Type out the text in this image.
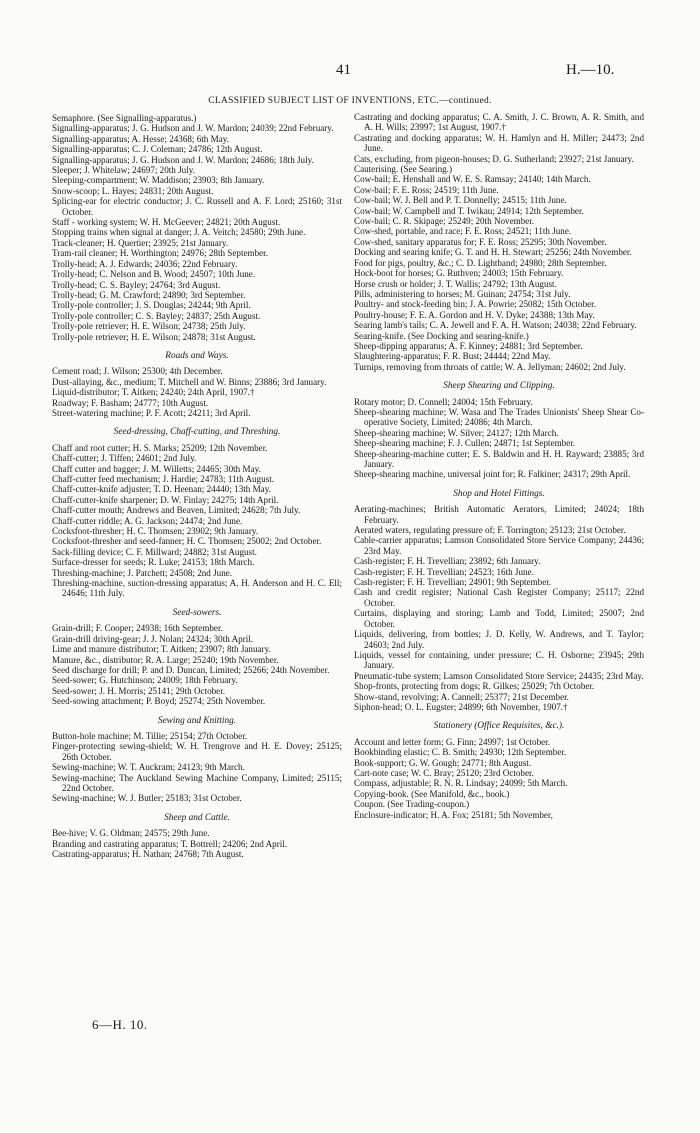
41	H.—10.
CLASSIFIED SUBJECT LIST OF INVENTIONS, ETC.—continued.
Semaphore. (See Signalling-apparatus.)
Signalling-apparatus; J. G. Hudson and J. W. Mardon; 24039; 22nd February.
Signalling-apparatus; A. Hesse; 24368; 6th May.
Signalling-apparatus; C. J. Coleman; 24786; 12th August.
Signalling-apparatus; J. G. Hudson and J. W. Mardon; 24686; 18th July.
Sleeper; J. Whitelaw; 24697; 20th July.
Sleeping-compartment; W. Maddison; 23903; 8th January.
Snow-scoop; L. Hayes; 24831; 20th August.
Splicing-ear for electric conductor; J. C. Russell and A. F. Lord; 25160; 31st October.
Staff - working system; W. H. McGeever; 24821; 20th August.
Stopping trains when signal at danger; J. A. Veitch; 24580; 29th June.
Track-cleaner; H. Quertier; 23925; 21st January.
Tram-rail cleaner; H. Worthington; 24976; 28th September.
Trolly-head; A. J. Edwards; 24036; 22nd February.
Trolly-head; C. Nelson and B. Wood; 24507; 10th June.
Trolly-head; C. S. Bayley; 24764; 3rd August.
Trolly-head; G. M. Crawford; 24890; 3rd September.
Trolly-pole controller; J. S. Douglas; 24244; 9th April.
Trolly-pole controller; C. S. Bayley; 24837; 25th August.
Trolly-pole retriever; H. E. Wilson; 24738; 25th July.
Trolly-pole retriever; H. E. Wilson; 24878; 31st August.
Roads and Ways.
Cement road; J. Wilson; 25300; 4th December.
Dust-allaying, &c., medium; T. Mitchell and W. Binns; 23886; 3rd January.
Liquid-distributor; T. Aitken; 24240; 24th April, 1907.†
Roadway; F. Basham; 24777; 10th August.
Street-watering machine; P. F. Acott; 24211; 3rd April.
Seed-dressing, Chaff-cutting, and Threshing.
Chaff and root cutter; H. S. Marks; 25209; 12th November.
Chaff-cutter; J. Tiffen; 24601; 2nd July.
Chaff cutter and bagger; J. M. Willetts; 24465; 30th May.
Chaff-cutter feed mechanism; J. Hardie; 24783; 11th August.
Chaff-cutter-knife adjuster; T. D. Heenan; 24440; 13th May.
Chaff-cutter-knife sharpener; D. W. Finlay; 24275; 14th April.
Chaff-cutter mouth; Andrews and Beaven, Limited; 24628; 7th July.
Chaff-cutter riddle; A. G. Jackson; 24474; 2nd June.
Cocksfoot-thresher; H. C. Thomsen; 23902; 9th January.
Cocksfoot-thresher and seed-fanner; H. C. Thomsen; 25002; 2nd October.
Sack-filling device; C. F. Millward; 24882; 31st August.
Surface-dresser for seeds; R. Luke; 24153; 18th March.
Threshing-machine; J. Patchett; 24508; 2nd June.
Threshing-machine, suction-dressing apparatus; A. H. Anderson and H. C. Ell; 24646; 11th July.
Seed-sowers.
Grain-drill; F. Cooper; 24938; 16th September.
Grain-drill driving-gear; J. J. Nolan; 24324; 30th April.
Lime and manure distributor; T. Aitken; 23907; 8th January.
Manure, &c., distributor; R. A. Large; 25240; 19th November.
Seed discharge for drill; P. and D. Duncan, Limited; 25266; 24th November.
Seed-sower; G. Hutchinson; 24009; 18th February.
Seed-sower; J. H. Morris; 25141; 29th October.
Seed-sowing attachment; P. Boyd; 25274; 25th November.
Sewing and Knitting.
Button-hole machine; M. Tillie; 25154; 27th October.
Finger-protecting sewing-shield; W. H. Trengrove and H. E. Dovey; 25125; 26th October.
Sewing-machine; W. T. Auckram; 24123; 9th March.
Sewing-machine; The Auckland Sewing Machine Company, Limited; 25115; 22nd October.
Sewing-machine; W. J. Butler; 25183; 31st October.
Sheep and Cattle.
Bee-hive; V. G. Oldman; 24575; 29th June.
Branding and castrating apparatus; T. Bottrell; 24206; 2nd April.
Castrating-apparatus; H. Nathan; 24768; 7th August.
Castrating and docking apparatus; C. A. Smith, J. C. Brown, A. R. Smith, and A. H. Wills; 23997; 1st August, 1907.†
Castrating and docking apparatus; W. H. Hamlyn and H. Miller; 24473; 2nd June.
Cats, excluding, from pigeon-houses; D. G. Sutherland; 23927; 21st January.
Cauterising. (See Searing.)
Cow-bail; E. Henshall and W. E. S. Ramsay; 24140; 14th March.
Cow-bail; F. E. Ross; 24519; 11th June.
Cow-bail; W. J. Bell and P. T. Donnelly; 24515; 11th June.
Cow-bail; W. Campbell and T. Iwikau; 24914; 12th September.
Cow-bail; C. R. Skipage; 25249; 20th November.
Cow-shed, portable, and race; F. E. Ross; 24521; 11th June.
Cow-shed, sanitary apparatus for; F. E. Ross; 25295; 30th November.
Docking and searing knife; G. T. and H. H. Stewart; 25256; 24th November.
Food for pigs, poultry, &c.; C. D. Lightband; 24980; 28th September.
Hock-boot for horses; G. Ruthven; 24003; 15th February.
Horse crush or holder; J. T. Wallis; 24792; 13th August.
Pills, administering to horses; M. Guinan; 24754; 31st July.
Poultry- and stock-feeding bin; J. A. Powrie; 25082; 15th October.
Poultry-house; F. E. A. Gordon and H. V. Dyke; 24388; 13th May.
Searing lamb's tails; C. A. Jewell and F. A. H. Watson; 24038; 22nd February.
Searing-knife. (See Docking and searing-knife.)
Sheep-dipping apparatus; A. F. Kinney; 24881; 3rd September.
Slaughtering-apparatus; F. R. Bust; 24444; 22nd May.
Turnips, removing from throats of cattle; W. A. Jellyman; 24602; 2nd July.
Sheep Shearing and Clipping.
Rotary motor; D. Connell; 24004; 15th February.
Sheep-shearing machine; W. Wasa and The Trades Unionists' Sheep Shear Co-operative Society, Limited; 24086; 4th March.
Sheep-shearing machine; W. Silver; 24127; 12th March.
Sheep-shearing machine; F. J. Cullen; 24871; 1st September.
Sheep-shearing-machine cutter; E. S. Baldwin and H. H. Rayward; 23885; 3rd January.
Sheep-shearing machine, universal joint for; R. Falkiner; 24317; 29th April.
Shop and Hotel Fittings.
Aerating-machines; British Automatic Aerators, Limited; 24024; 18th February.
Aerated waters, regulating pressure of; F. Torrington; 25123; 21st October.
Cable-carrier apparatus; Lamson Consolidated Store Service Company; 24436; 23rd May.
Cash-register; F. H. Trevellian; 23892; 6th January.
Cash-register; F. H. Trevellian; 24523; 16th June.
Cash-register; F. H. Trevellian; 24901; 9th September.
Cash and credit register; National Cash Register Company; 25117; 22nd October.
Curtains, displaying and storing; Lamb and Todd, Limited; 25007; 2nd October.
Liquids, delivering, from bottles; J. D. Kelly, W. Andrews, and T. Taylor; 24603; 2nd July.
Liquids, vessel for containing, under pressure; C. H. Osborne; 23945; 29th January.
Pneumatic-tube system; Lamson Consolidated Store Service; 24435; 23rd May.
Shop-fronts, protecting from dogs; R. Gilkes; 25029; 7th October.
Show-stand, revolving; A. Cannell; 25377; 21st December.
Siphon-head; O. L. Eugster; 24899; 6th November, 1907.†
Stationery (Office Requisites, &c.).
Account and letter form; G. Finn; 24997; 1st October.
Bookbinding elastic; C. B. Smith; 24930; 12th September.
Book-support; G. W. Gough; 24771; 8th August.
Cart-note case; W. C. Bray; 25120; 23rd October.
Compass, adjustable; R. N. R. Lindsay; 24099; 5th March.
Copying-book. (See Manifold, &c., book.)
Coupon. (See Trading-coupon.)
Enclosure-indicator; H. A. Fox; 25181; 5th November,
6—H. 10.
